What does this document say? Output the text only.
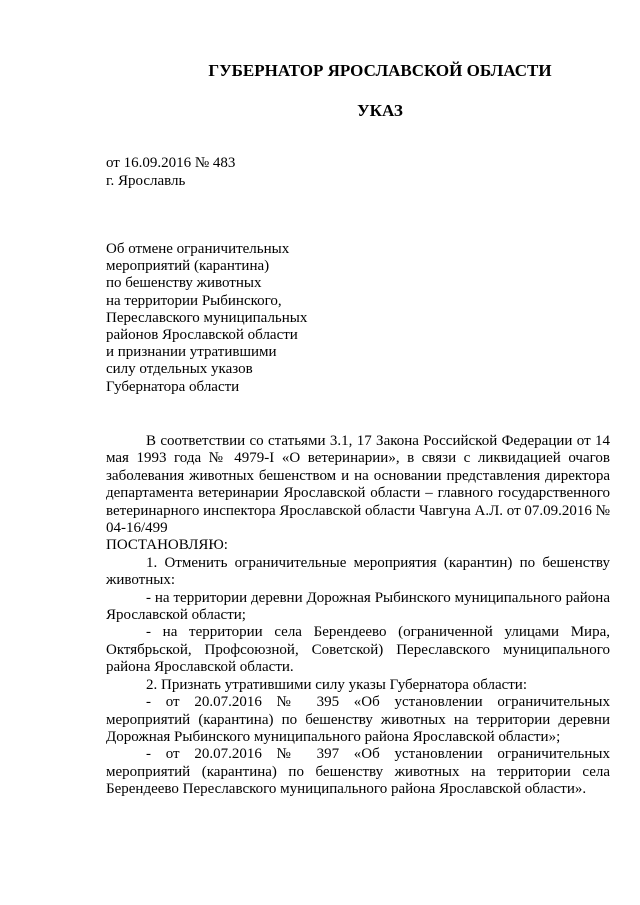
ГУБЕРНАТОР ЯРОСЛАВСКОЙ ОБЛАСТИ
УКАЗ
от 16.09.2016 № 483
г. Ярославль
Об отмене ограничительных
мероприятий (карантина)
по бешенству животных
на территории Рыбинского,
Переславского муниципальных
районов Ярославской области
и признании утратившими
силу отдельных указов
Губернатора области

В соответствии со статьями 3.1, 17 Закона Российской Федерации от 14 мая 1993 года № 4979-I «О ветеринарии», в связи с ликвидацией очагов заболевания животных бешенством и на основании представления директора департамента ветеринарии Ярославской области – главного государственного ветеринарного инспектора Ярославской области Чавгуна А.Л. от 07.09.2016 № 04-16/499

ПОСТАНОВЛЯЮ:

1. Отменить ограничительные мероприятия (карантин) по бешенству животных:

- на территории деревни Дорожная Рыбинского муниципального района Ярославской области;

- на территории села Берендеево (ограниченной улицами Мира, Октябрьской, Профсоюзной, Советской) Переславского муниципального района Ярославской области.

2. Признать утратившими силу указы Губернатора области:

- от 20.07.2016 № 395 «Об установлении ограничительных мероприятий (карантина) по бешенству животных на территории деревни Дорожная Рыбинского муниципального района Ярославской области»;

- от 20.07.2016 № 397 «Об установлении ограничительных мероприятий (карантина) по бешенству животных на территории села Берендеево Переславского муниципального района Ярославской области».
